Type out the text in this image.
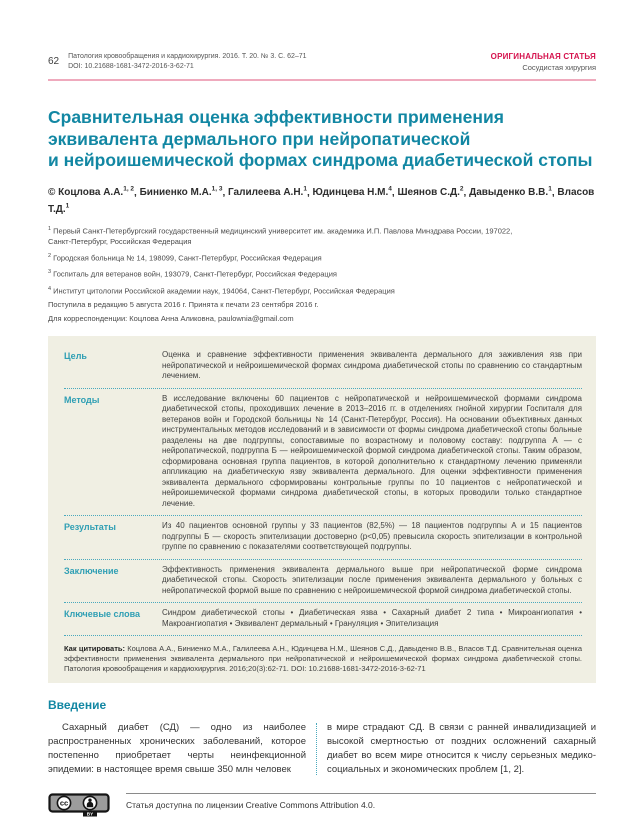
62 Патология кровообращения и кардиохирургия. 2016. Т. 20. № 3. С. 62–71
DOI: 10.21688-1681-3472-2016-3-62-71
ОРИГИНАЛЬНАЯ СТАТЬЯ
Сосудистая хирургия
Сравнительная оценка эффективности применения
эквивалента дермального при нейропатической
и нейроишемической формах синдрома диабетической стопы

© Коцлова А.А.$^{1, 2}$, Биниенко М.А.$^{1, 3}$, Галилеева А.Н.$^1$, Юдинцева Н.М.$^4$, Шеянов С.Д.$^2$, Давыденко В.В.$^1$, Власов Т.Д.$^1$

$^1$ Первый Санкт-Петербургский государственный медицинский университет им. академика И.П. Павлова Минздрава России, 197022, Санкт-Петербург, Российская Федерация

$^2$ Городская больница № 14, 198099, Санкт-Петербург, Российская Федерация

$^3$ Госпиталь для ветеранов войн, 193079, Санкт-Петербург, Российская Федерация

$^4$ Институт цитологии Российской академии наук, 194064, Санкт-Петербург, Российская Федерация

Поступила в редакцию 5 августа 2016 г. Принята к печати 23 сентября 2016 г.

Для корреспонденции: Коцлова Анна Аликовна, paulownia@gmail.com

Цель	Оценка и сравнение эффективности применения эквивалента дермального для заживления язв при нейропатической и нейроишемической формах синдрома диабетической стопы по сравнению со стандартным лечением.
Методы	В исследование включены 60 пациентов с нейропатической и нейроишемической формами синдрома диабетической стопы, проходивших лечение в 2013–2016 гг. в отделениях гнойной хирургии Госпиталя для ветеранов войн и Городской больницы № 14 (Санкт-Петербург, Россия). На основании объективных данных инструментальных методов исследований и в зависимости от формы синдрома диабетической стопы больные разделены на две подгруппы, сопоставимые по возрастному и половому составу: подгруппа А — с нейропатической, подгруппа Б — нейроишемической формой синдрома диабетической стопы. Таким образом, сформирована основная группа пациентов, в которой дополнительно к стандартному лечению применяли аппликацию на диабетическую язву эквивалента дермального. Для оценки эффективности применения эквивалента дермального сформированы контрольные группы по 10 пациентов с нейропатической и нейроишемической формами синдрома диабетической стопы, в которых проводили только стандартное лечение.
Результаты	Из 40 пациентов основной группы у 33 пациентов (82,5%) — 18 пациентов подгруппы А и 15 пациентов подгруппы Б — скорость эпителизации достоверно (p<0,05) превысила скорость эпителизации в контрольной группе по сравнению с показателями соответствующей подгруппы.
Заключение	Эффективность применения эквивалента дермального выше при нейропатической форме синдрома диабетической стопы. Скорость эпителизации после применения эквивалента дермального у больных с нейропатической формой выше по сравнению с нейроишемической формой синдрома диабетической стопы.
Ключевые слова	Синдром диабетической стопы • Диабетическая язва • Сахарный диабет 2 типа • Микроангиопатия • Макроангиопатия • Эквивалент дермальный • Грануляция • Эпителизация

Как цитировать: Коцлова А.А., Биниенко М.А., Галилеева А.Н., Юдинцева Н.М., Шеянов С.Д., Давыденко В.В., Власов Т.Д. Сравнительная оценка эффективности применения эквивалента дермального при нейропатической и нейроишемической формах синдрома диабетической стопы. Патология кровообращения и кардиохирургия. 2016;20(3):62-71. DOI: 10.21688-1681-3472-2016-3-62-71

Введение

Сахарный диабет (СД) — одно из наиболее распространенных хронических заболеваний, которое постепенно приобретает черты неинфекционной эпидемии: в настоящее время свыше 350 млн человек

в мире страдают СД. В связи с ранней инвалидизацией и высокой смертностью от поздних осложнений сахарный диабет во всем мире относится к числу серьезных медико-социальных и экономических проблем [1, 2].

cc
BY

Статья доступна по лицензии Creative Commons Attribution 4.0.
